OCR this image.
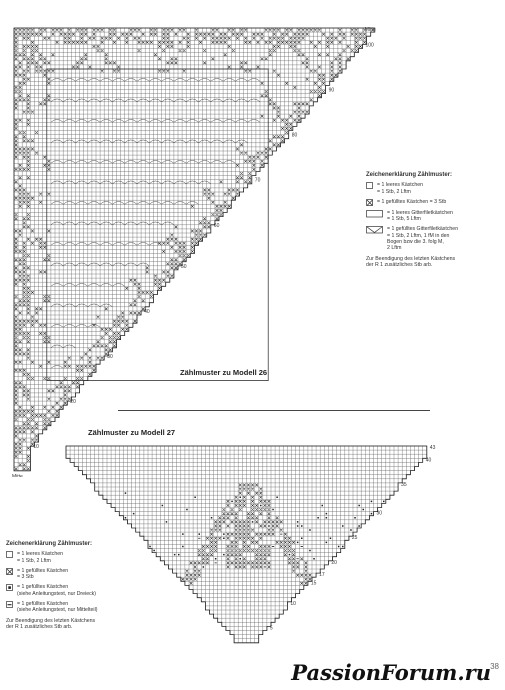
100
90
80
70
60
50
40
30
20
10
Mitte
Mitte
Zählmuster zu Modell 26
Zeichenerklärung Zählmuster:
= 1 leeres Kästchen
= 1 Stb, 2 Lftm
= 1 gefülltes Kästchen = 3 Stb
= 1 leeres Gitterfiletkästchen
= 1 Stb, 5 Lftm
= 1 gefülltes Gitterfiletkästchen
= 1 Stb, 2 Lftm, 1 fM in den
Bogen bzw die 3. folg M,
2 Lftm
Zur Beendigung des letzten Kästchens
der R 1 zusätzliches Stb arb.
Zählmuster zu Modell 27
43
40
35
30
25
20
17
15
10
5
Zeichenerklärung Zählmuster:
= 1 leeres Kästchen
= 1 Stb, 2 Lftm
= 1 gefülltes Kästchen
= 3 Stb
= 1 gefülltes Kästchen
(siehe Anleitungstext, nur Dreieck)
= 1 gefülltes Kästchen
(siehe Anleitungstext, nur Mittelteil)
Zur Beendigung des letzten Kästchens
der R 1 zusätzliches Stb arb.
38
PassionForum.ru
